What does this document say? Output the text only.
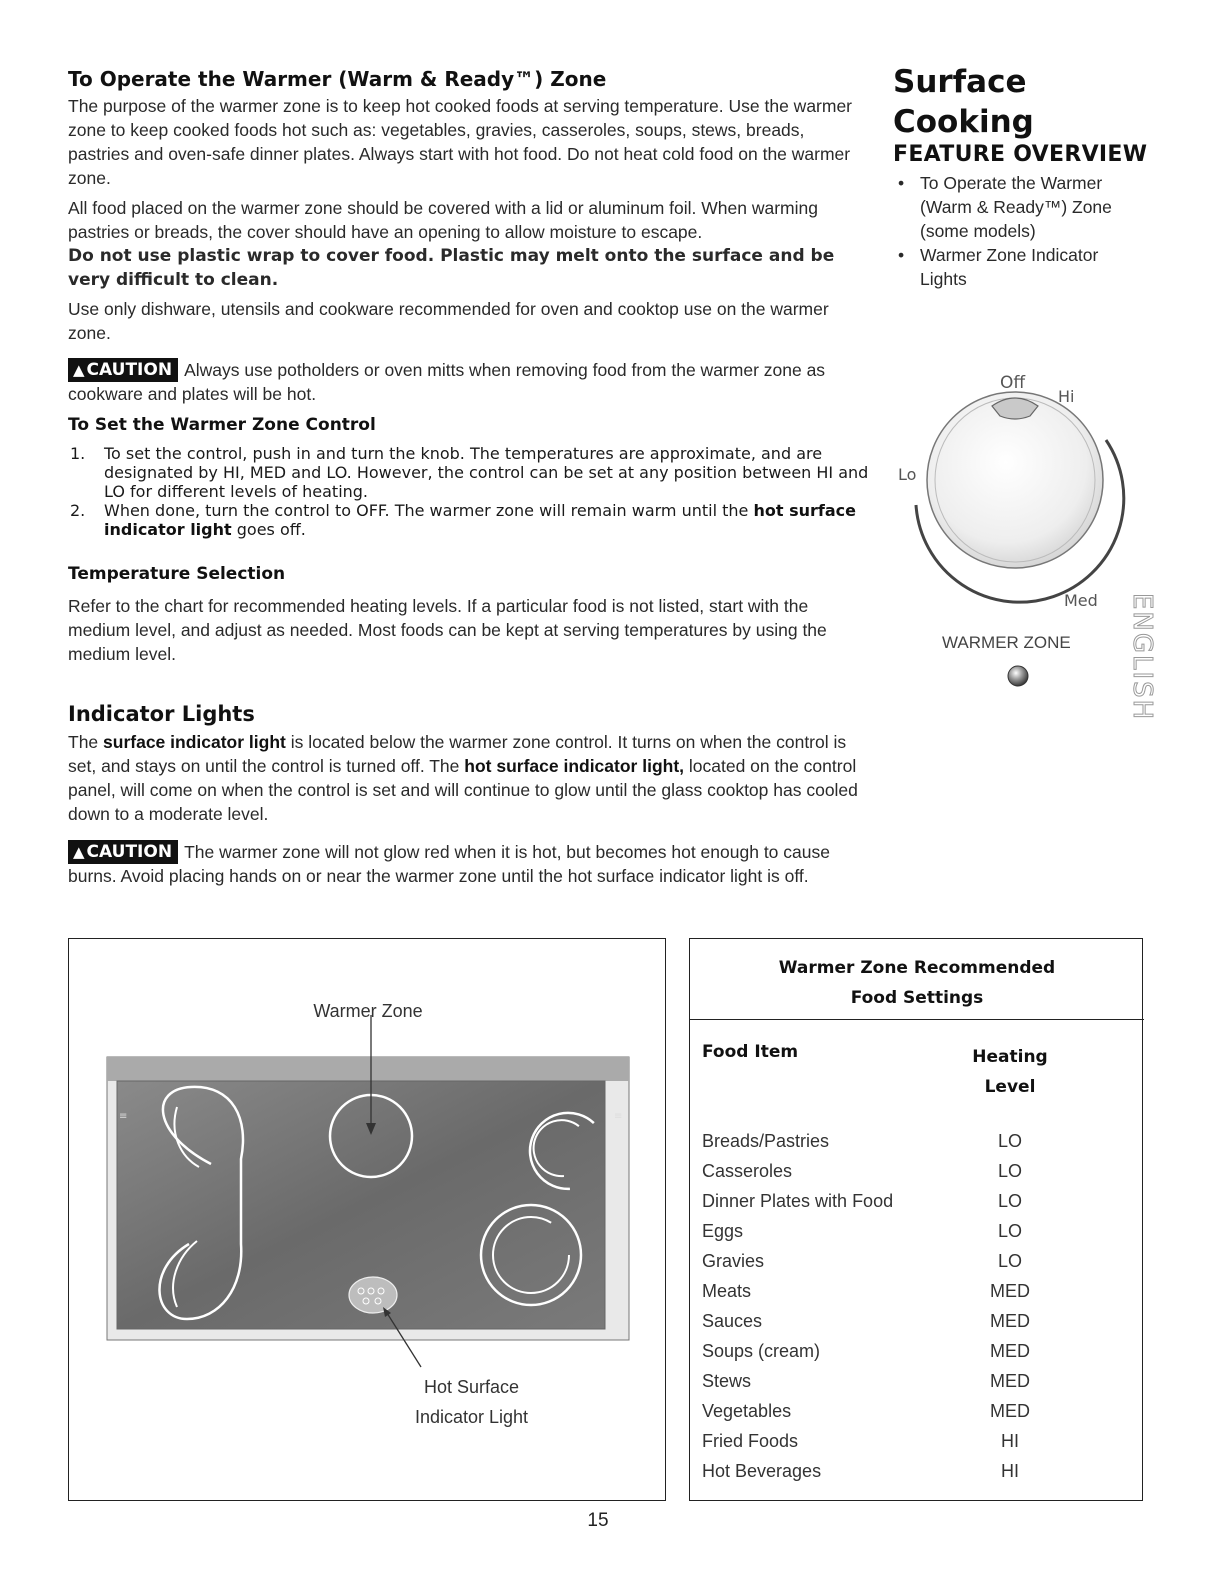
To Operate the Warmer (Warm & Ready™) Zone

The purpose of the warmer zone is to keep hot cooked foods at serving temperature. Use the warmer zone to keep cooked foods hot such as: vegetables, gravies, casseroles, soups, stews, breads, pastries and oven-safe dinner plates. Always start with hot food. Do not heat cold food on the warmer zone.

All food placed on the warmer zone should be covered with a lid or aluminum foil. When warming pastries or breads, the cover should have an opening to allow moisture to escape.

Do not use plastic wrap to cover food. Plastic may melt onto the surface and be very difficult to clean.

Use only dishware, utensils and cookware recommended for oven and cooktop use on the warmer zone.

▲ CAUTION Always use potholders or oven mitts when removing food from the warmer zone as cookware and plates will be hot.
To Set the Warmer Zone Control
1. To set the control, push in and turn the knob. The temperatures are approximate, and are designated by HI, MED and LO. However, the control can be set at any position between HI and LO for different levels of heating.
2. When done, turn the control to OFF. The warmer zone will remain warm until the hot surface indicator light goes off.
Temperature Selection

Refer to the chart for recommended heating levels. If a particular food is not listed, start with the medium level, and adjust as needed. Most foods can be kept at serving temperatures by using the medium level.

Indicator Lights

The surface indicator light is located below the warmer zone control. It turns on when the control is set, and stays on until the control is turned off. The hot surface indicator light, located on the control panel, will come on when the control is set and will continue to glow until the glass cooktop has cooled down to a moderate level.

▲ CAUTION The warmer zone will not glow red when it is hot, but becomes hot enough to cause burns. Avoid placing hands on or near the warmer zone until the hot surface indicator light is off.
Surface
Cooking
FEATURE OVERVIEW
• To Operate the Warmer (Warm & Ready™) Zone (some models)
• Warmer Zone Indicator Lights
Off
Hi
Lo
Med
WARMER ZONE ENGLISH
Warmer Zone
≡	≡
Hot Surface
Indicator Light
Warmer Zone Recommended
Food Settings
Food Item	Heating
Level
Breads/Pastries	LO
Casseroles	LO
Dinner Plates with Food	LO
Eggs	LO
Gravies	LO
Meats	MED
Sauces	MED
Soups (cream)	MED
Stews	MED
Vegetables	MED
Fried Foods	HI
Hot Beverages	HI
15
